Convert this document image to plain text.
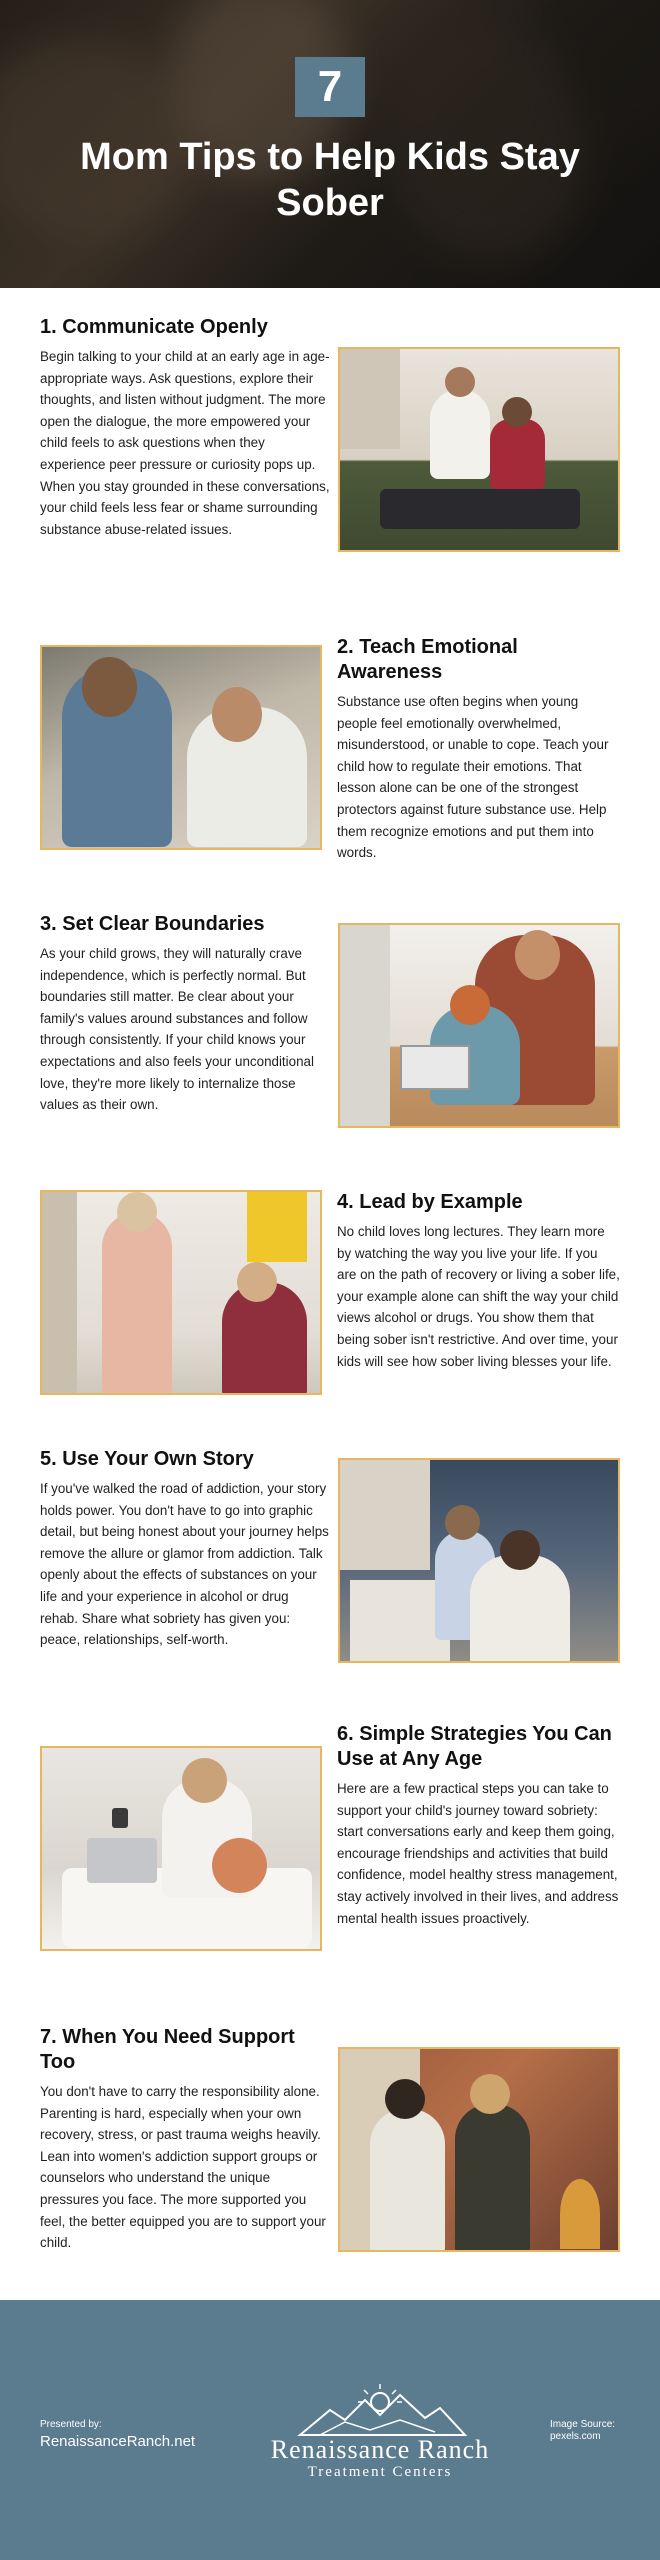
7
Mom Tips to Help Kids Stay Sober
1. Communicate Openly

Begin talking to your child at an early age in age-appropriate ways. Ask questions, explore their thoughts, and listen without judgment. The more open the dialogue, the more empowered your child feels to ask questions when they experience peer pressure or curiosity pops up. When you stay grounded in these conversations, your child feels less fear or shame surrounding substance abuse-related issues.

2. Teach Emotional Awareness

Substance use often begins when young people feel emotionally overwhelmed, misunderstood, or unable to cope. Teach your child how to regulate their emotions. That lesson alone can be one of the strongest protectors against future substance use. Help them recognize emotions and put them into words.

3. Set Clear Boundaries

As your child grows, they will naturally crave independence, which is perfectly normal. But boundaries still matter. Be clear about your family's values around substances and follow through consistently. If your child knows your expectations and also feels your unconditional love, they're more likely to internalize those values as their own.

4. Lead by Example

No child loves long lectures. They learn more by watching the way you live your life. If you are on the path of recovery or living a sober life, your example alone can shift the way your child views alcohol or drugs. You show them that being sober isn't restrictive. And over time, your kids will see how sober living blesses your life.

5. Use Your Own Story

If you've walked the road of addiction, your story holds power. You don't have to go into graphic detail, but being honest about your journey helps remove the allure or glamor from addiction. Talk openly about the effects of substances on your life and your experience in alcohol or drug rehab. Share what sobriety has given you: peace, relationships, self-worth.

6. Simple Strategies You Can Use at Any Age

Here are a few practical steps you can take to support your child's journey toward sobriety: start conversations early and keep them going, encourage friendships and activities that build confidence, model healthy stress management, stay actively involved in their lives, and address mental health issues proactively.

7. When You Need Support Too

You don't have to carry the responsibility alone. Parenting is hard, especially when your own recovery, stress, or past trauma weighs heavily. Lean into women's addiction support groups or counselors who understand the unique pressures you face. The more supported you feel, the better equipped you are to support your child.

Presented by:
RenaissanceRanch.net	Renaissance Ranch
Treatment Centers
Image Source:
pexels.com
